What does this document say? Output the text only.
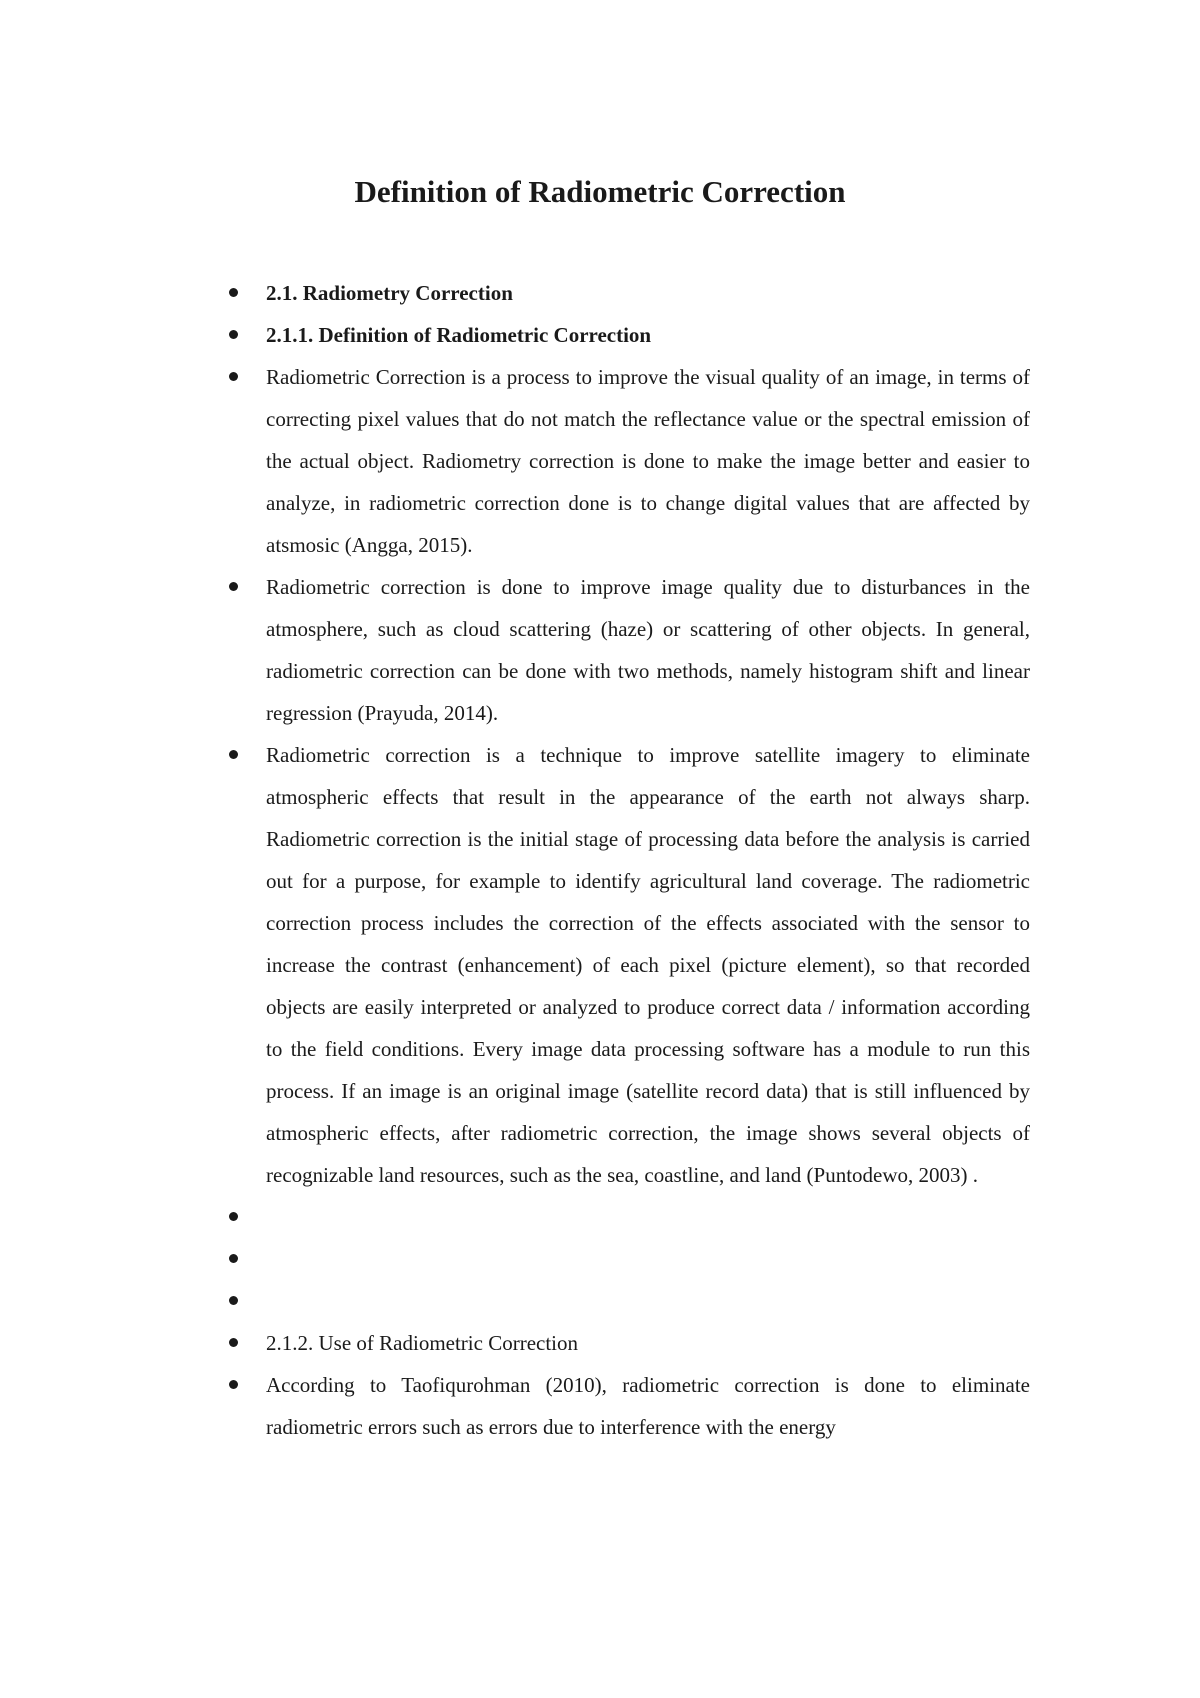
Definition of Radiometric Correction
2.1. Radiometry Correction
2.1.1. Definition of Radiometric Correction
Radiometric Correction is a process to improve the visual quality of an image, in terms of correcting pixel values that do not match the reflectance value or the spectral emission of the actual object. Radiometry correction is done to make the image better and easier to analyze, in radiometric correction done is to change digital values that are affected by atsmosic (Angga, 2015).
Radiometric correction is done to improve image quality due to disturbances in the atmosphere, such as cloud scattering (haze) or scattering of other objects. In general, radiometric correction can be done with two methods, namely histogram shift and linear regression (Prayuda, 2014).
Radiometric correction is a technique to improve satellite imagery to eliminate atmospheric effects that result in the appearance of the earth not always sharp. Radiometric correction is the initial stage of processing data before the analysis is carried out for a purpose, for example to identify agricultural land coverage. The radiometric correction process includes the correction of the effects associated with the sensor to increase the contrast (enhancement) of each pixel (picture element), so that recorded objects are easily interpreted or analyzed to produce correct data / information according to the field conditions. Every image data processing software has a module to run this process. If an image is an original image (satellite record data) that is still influenced by atmospheric effects, after radiometric correction, the image shows several objects of recognizable land resources, such as the sea, coastline, and land (Puntodewo, 2003) .
2.1.2. Use of Radiometric Correction
According to Taofiqurohman (2010), radiometric correction is done to eliminate radiometric errors such as errors due to interference with the energy
